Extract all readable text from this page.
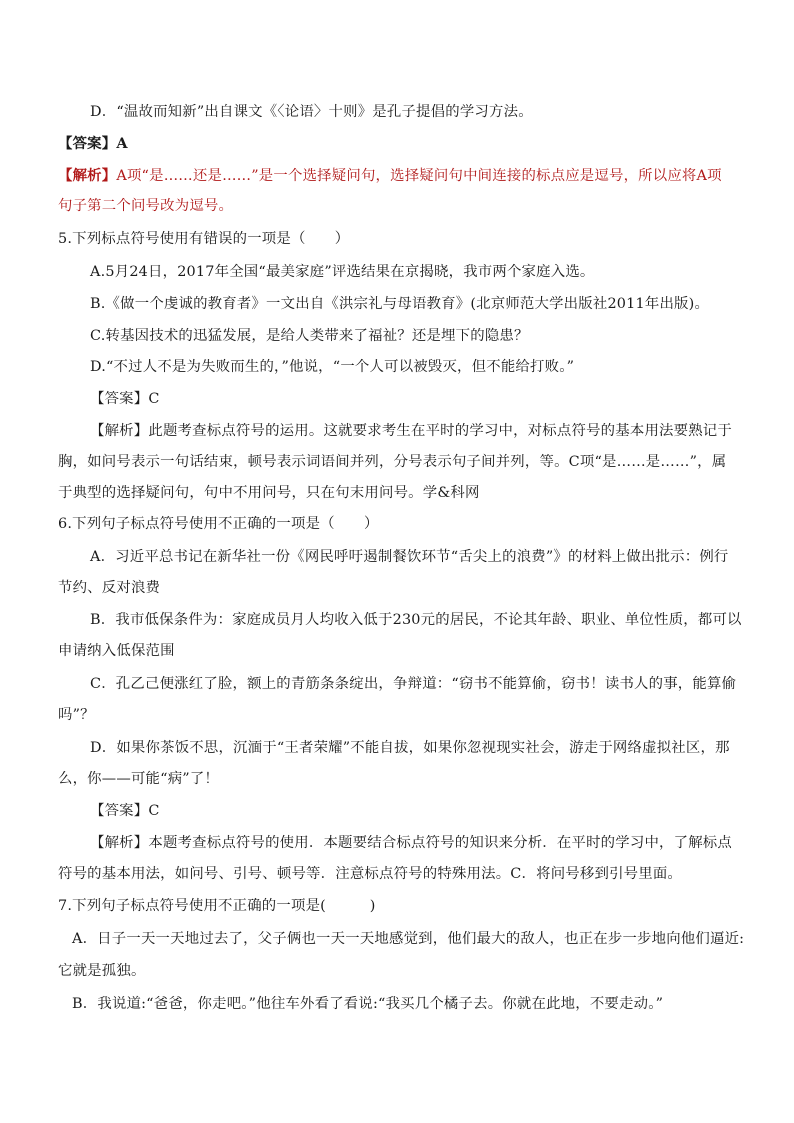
D．“温故而知新”出自课文《〈论语〉十则》是孔子提倡的学习方法。
【答案】A
【解析】A项“是……还是……”是一个选择疑问句，选择疑问句中间连接的标点应是逗号，所以应将A项
句子第二个问号改为逗号。
5.下列标点符号使用有错误的一项是（　　）
A.5月24日，2017年全国“最美家庭”评选结果在京揭晓，我市两个家庭入选。
B.《做一个虔诚的教育者》一文出自《洪宗礼与母语教育》(北京师范大学出版社2011年出版)。
C.转基因技术的迅猛发展，是给人类带来了福祉？还是埋下的隐患？
D.“不过人不是为失败而生的，”他说，“一个人可以被毁灭，但不能给打败。”
【答案】C
【解析】此题考查标点符号的运用。这就要求考生在平时的学习中，对标点符号的基本用法要熟记于
胸，如问号表示一句话结束，顿号表示词语间并列，分号表示句子间并列，等。C项“是……是……”，属
于典型的选择疑问句，句中不用问号，只在句末用问号。学&科网
6.下列句子标点符号使用不正确的一项是（　　）
A．习近平总书记在新华社一份《网民呼吁遏制餐饮环节“舌尖上的浪费”》的材料上做出批示：例行
节约、反对浪费
B．我市低保条件为：家庭成员月人均收入低于230元的居民，不论其年龄、职业、单位性质，都可以
申请纳入低保范围
C．孔乙己便涨红了脸，额上的青筋条条绽出，争辩道：“窃书不能算偷，窃书！读书人的事，能算偷
吗”？
D．如果你茶饭不思，沉湎于“王者荣耀”不能自拔，如果你忽视现实社会，游走于网络虚拟社区，那
么，你——可能“病”了！
【答案】C
【解析】本题考查标点符号的使用．本题要结合标点符号的知识来分析．在平时的学习中，了解标点
符号的基本用法，如问号、引号、顿号等．注意标点符号的特殊用法。C．将问号移到引号里面。
7.下列句子标点符号使用不正确的一项是(　　　)
A．日子一天一天地过去了，父子俩也一天一天地感觉到，他们最大的敌人，也正在步一步地向他们逼近:
它就是孤独。
B．我说道:“爸爸，你走吧。”他往车外看了看说:“我买几个橘子去。你就在此地，不要走动。”
